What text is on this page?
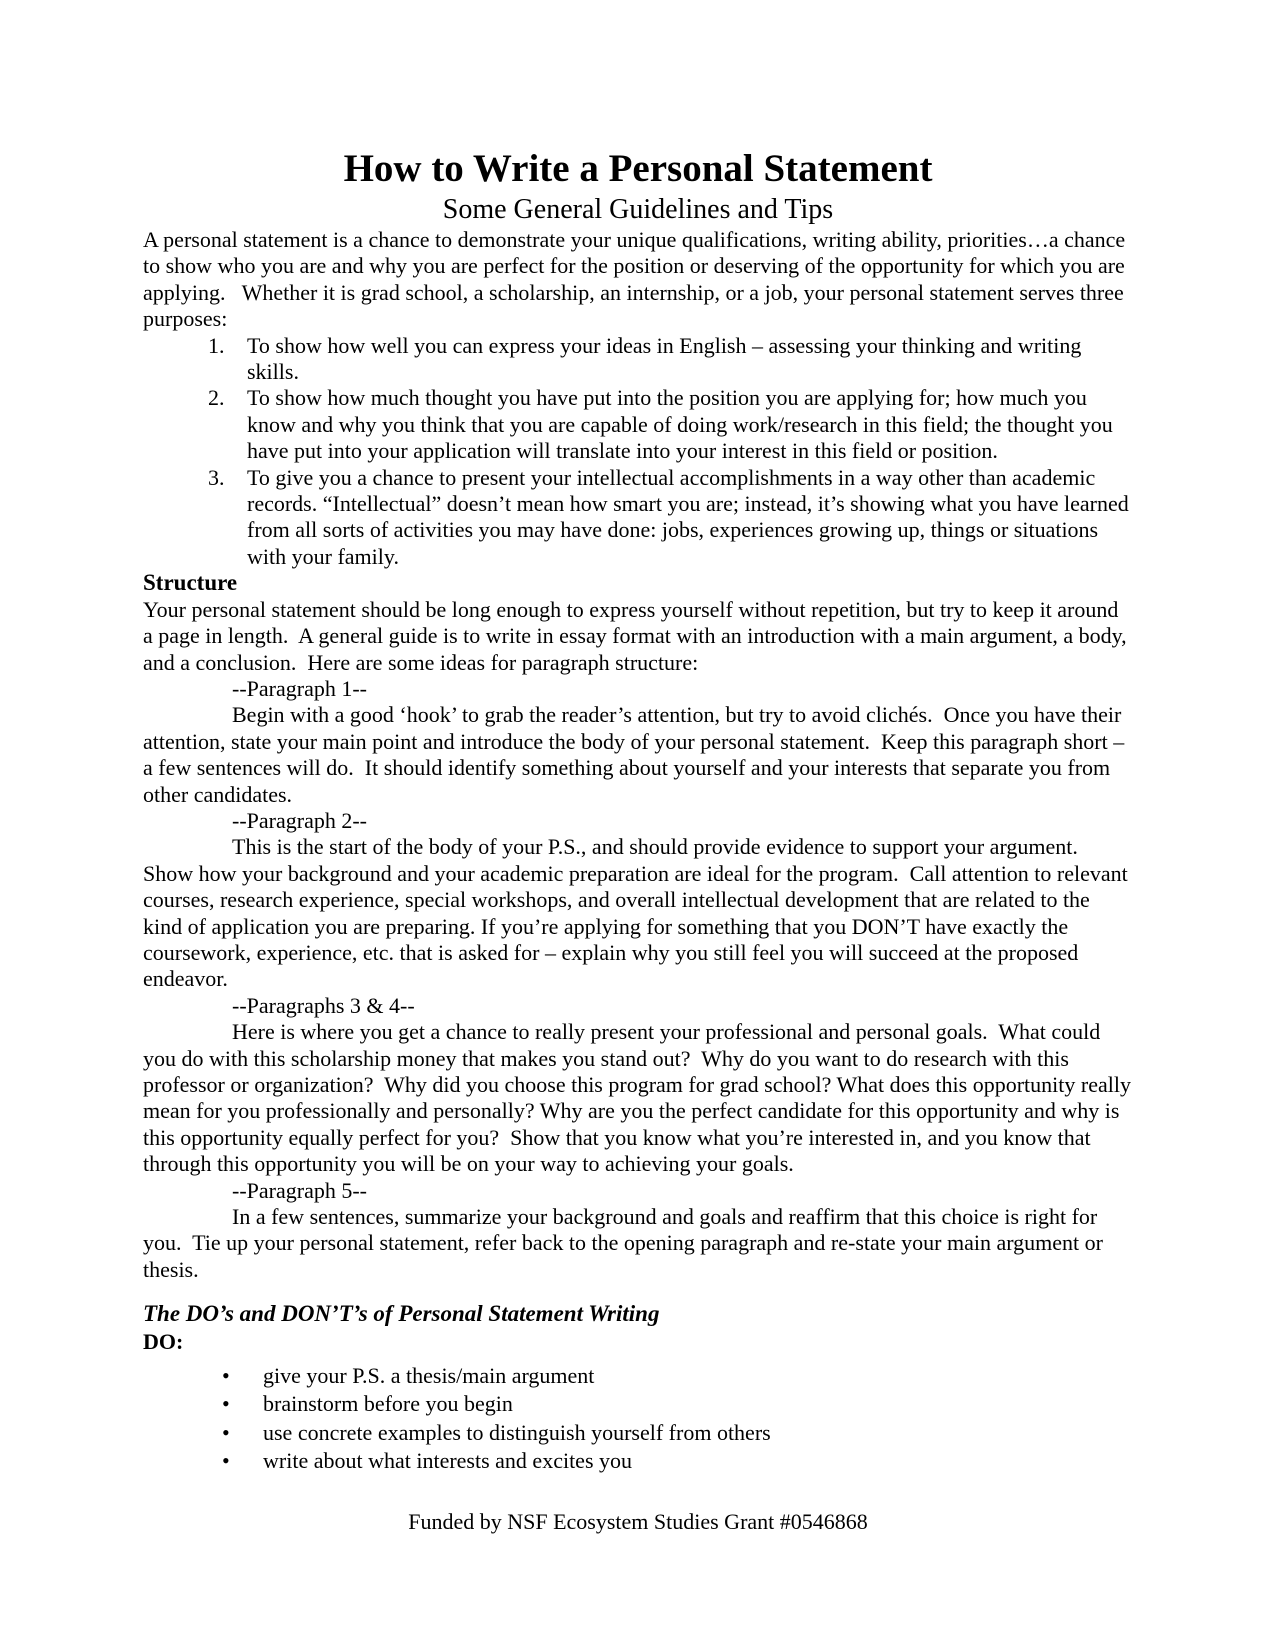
How to Write a Personal Statement
Some General Guidelines and Tips

A personal statement is a chance to demonstrate your unique qualifications, writing ability, priorities…a chance to show who you are and why you are perfect for the position or deserving of the opportunity for which you are applying.   Whether it is grad school, a scholarship, an internship, or a job, your personal statement serves three purposes:

1. To show how well you can express your ideas in English – assessing your thinking and writing skills.
2. To show how much thought you have put into the position you are applying for; how much you know and why you think that you are capable of doing work/research in this field; the thought you have put into your application will translate into your interest in this field or position.
3. To give you a chance to present your intellectual accomplishments in a way other than academic records. “Intellectual” doesn’t mean how smart you are; instead, it’s showing what you have learned from all sorts of activities you may have done: jobs, experiences growing up, things or situations with your family.
Structure

Your personal statement should be long enough to express yourself without repetition, but try to keep it around a page in length.  A general guide is to write in essay format with an introduction with a main argument, a body, and a conclusion.  Here are some ideas for paragraph structure:

--Paragraph 1--

Begin with a good ‘hook’ to grab the reader’s attention, but try to avoid clichés.  Once you have their attention, state your main point and introduce the body of your personal statement.  Keep this paragraph short – a few sentences will do.  It should identify something about yourself and your interests that separate you from other candidates.

--Paragraph 2--

This is the start of the body of your P.S., and should provide evidence to support your argument.  Show how your background and your academic preparation are ideal for the program.  Call attention to relevant courses, research experience, special workshops, and overall intellectual development that are related to the kind of application you are preparing. If you’re applying for something that you DON’T have exactly the coursework, experience, etc. that is asked for – explain why you still feel you will succeed at the proposed endeavor.

--Paragraphs 3 & 4--

Here is where you get a chance to really present your professional and personal goals.  What could you do with this scholarship money that makes you stand out?  Why do you want to do research with this professor or organization?  Why did you choose this program for grad school? What does this opportunity really mean for you professionally and personally? Why are you the perfect candidate for this opportunity and why is this opportunity equally perfect for you?  Show that you know what you’re interested in, and you know that through this opportunity you will be on your way to achieving your goals.

--Paragraph 5--

In a few sentences, summarize your background and goals and reaffirm that this choice is right for you.  Tie up your personal statement, refer back to the opening paragraph and re-state your main argument or thesis.

The DO’s and DON’T’s of Personal Statement Writing
DO:
• give your P.S. a thesis/main argument
• brainstorm before you begin
• use concrete examples to distinguish yourself from others
• write about what interests and excites you
Funded by NSF Ecosystem Studies Grant #0546868
